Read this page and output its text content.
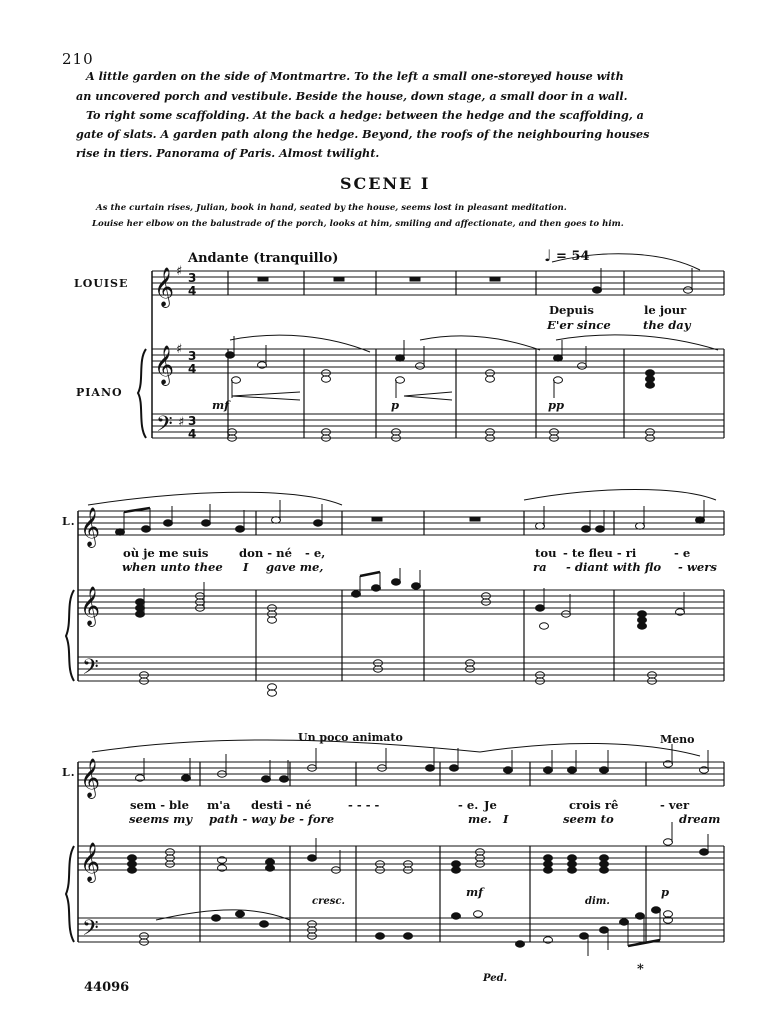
210
A little garden on the side of Montmartre. To the left a small one-storeyed house with
an uncovered porch and vestibule. Beside the house, down stage, a small door in a wall.
To right some scaffolding. At the back a hedge: between the hedge and the scaffolding, a
gate of slats. A garden path along the hedge. Beyond, the roofs of the neighbouring houses
rise in tiers. Panorama of Paris. Almost twilight.
SCENE I
As the curtain rises, Julian, book in hand, seated by the house, seems lost in pleasant meditation.
Louise her elbow on the balustrade of the porch, looks at him, smiling and affectionate, and then goes to him.
Andante (tranquillo)	= 54
Un poco animato	Meno
LOUISE
PIANO
L.
L.
mf	p	pp
cresc.
mf
dim.
p
Ped.
*
Depuis	le jour
E'er since	the day
où je me suis	don - né - e,	tou - te fleu - ri	- e
when unto thee I gave me,	ra - diant with flo - wers
sem - ble m'a desti - né	- - - -	- e. Je	crois rê	- ver
seems my path - way be - fore	me. I	seem to	dream
44096
𝄞
𝄞
𝄢
𝄞
𝄞
𝄢
𝄞
𝄞
𝄢
♯
♯
♯
3
4
3
4
3
4
♩
